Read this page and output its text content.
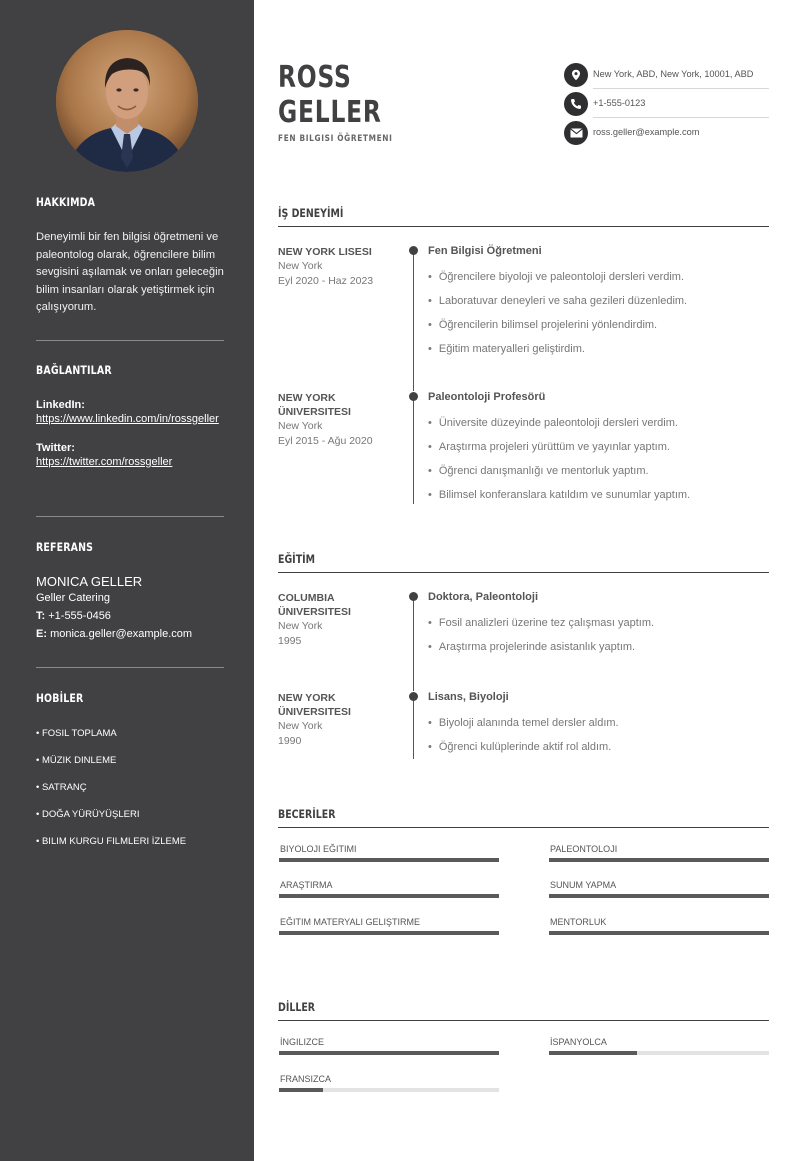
HAKKIMDA
Deneyimli bir fen bilgisi öğretmeni ve paleontolog olarak, öğrencilere bilim sevgisini aşılamak ve onları geleceğin bilim insanları olarak yetiştirmek için çalışıyorum.
BAĞLANTILAR
LinkedIn:
https://www.linkedin.com/in/rossgeller
Twitter:
https://twitter.com/rossgeller
REFERANS
MONICA GELLER
Geller Catering
T: +1-555-0456
E: monica.geller@example.com
HOBİLER
• FOSIL TOPLAMA
• MÜZIK DINLEME
• SATRANÇ
• DOĞA YÜRÜYÜŞLERI
• BILIM KURGU FILMLERI İZLEME
ROSS
GELLER
FEN BILGISI ÖĞRETMENI
New York, ABD, New York, 10001, ABD
+1-555-0123
ross.geller@example.com
İŞ DENEYİMİ
NEW YORK LISESI
New York
Eyl 2020 - Haz 2023
Fen Bilgisi Öğretmeni
• Öğrencilere biyoloji ve paleontoloji dersleri verdim.
• Laboratuvar deneyleri ve saha gezileri düzenledim.
• Öğrencilerin bilimsel projelerini yönlendirdim.
• Eğitim materyalleri geliştirdim.
NEW YORK ÜNIVERSITESI
New York
Eyl 2015 - Ağu 2020
Paleontoloji Profesörü
• Üniversite düzeyinde paleontoloji dersleri verdim.
• Araştırma projeleri yürüttüm ve yayınlar yaptım.
• Öğrenci danışmanlığı ve mentorluk yaptım.
• Bilimsel konferanslara katıldım ve sunumlar yaptım.
EĞİTİM
COLUMBIA ÜNIVERSITESI
New York
1995
Doktora, Paleontoloji
• Fosil analizleri üzerine tez çalışması yaptım.
• Araştırma projelerinde asistanlık yaptım.
NEW YORK ÜNIVERSITESI
New York
1990
Lisans, Biyoloji
• Biyoloji alanında temel dersler aldım.
• Öğrenci kulüplerinde aktif rol aldım.
BECERİLER
BIYOLOJI EĞITIMI	PALEONTOLOJI
ARAŞTIRMA	SUNUM YAPMA
EĞITIM MATERYALI GELIŞTIRME	MENTORLUK
DİLLER
İNGILIZCE	İSPANYOLCA
FRANSIZCA
